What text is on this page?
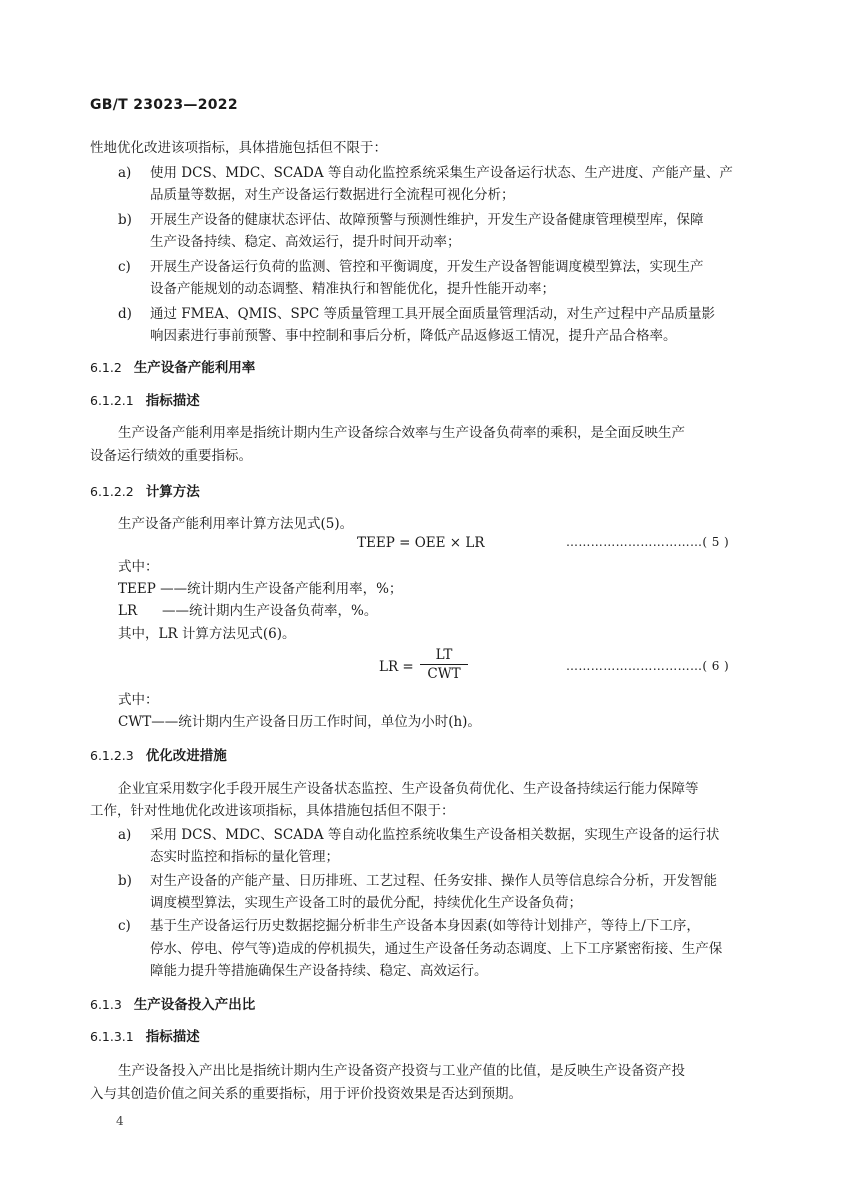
GB/T 23023—2022
性地优化改进该项指标，具体措施包括但不限于：
a) 使用 DCS、MDC、SCADA 等自动化监控系统采集生产设备运行状态、生产进度、产能产量、产
品质量等数据，对生产设备运行数据进行全流程可视化分析；
b) 开展生产设备的健康状态评估、故障预警与预测性维护，开发生产设备健康管理模型库，保障
生产设备持续、稳定、高效运行，提升时间开动率；
c) 开展生产设备运行负荷的监测、管控和平衡调度，开发生产设备智能调度模型算法，实现生产
设备产能规划的动态调整、精准执行和智能优化，提升性能开动率；
d) 通过 FMEA、QMIS、SPC 等质量管理工具开展全面质量管理活动，对生产过程中产品质量影
响因素进行事前预警、事中控制和事后分析，降低产品返修返工情况，提升产品合格率。
6.1.2 生产设备产能利用率
6.1.2.1 指标描述
生产设备产能利用率是指统计期内生产设备综合效率与生产设备负荷率的乘积，是全面反映生产
设备运行绩效的重要指标。
6.1.2.2 计算方法
生产设备产能利用率计算方法见式(5)。
TEEP = OEE × LR	……………………………( 5 )
式中：
TEEP ——统计期内生产设备产能利用率，%；
LR ——统计期内生产设备负荷率，%。
其中，LR 计算方法见式(6)。
LR =
LT
CWT	……………………………( 6 )
式中：
CWT——统计期内生产设备日历工作时间，单位为小时(h)。
6.1.2.3 优化改进措施
企业宜采用数字化手段开展生产设备状态监控、生产设备负荷优化、生产设备持续运行能力保障等
工作，针对性地优化改进该项指标，具体措施包括但不限于：
a) 采用 DCS、MDC、SCADA 等自动化监控系统收集生产设备相关数据，实现生产设备的运行状
态实时监控和指标的量化管理；
b) 对生产设备的产能产量、日历排班、工艺过程、任务安排、操作人员等信息综合分析，开发智能
调度模型算法，实现生产设备工时的最优分配，持续优化生产设备负荷；
c) 基于生产设备运行历史数据挖掘分析非生产设备本身因素(如等待计划排产，等待上/下工序，
停水、停电、停气等)造成的停机损失，通过生产设备任务动态调度、上下工序紧密衔接、生产保
障能力提升等措施确保生产设备持续、稳定、高效运行。
6.1.3 生产设备投入产出比
6.1.3.1 指标描述
生产设备投入产出比是指统计期内生产设备资产投资与工业产值的比值，是反映生产设备资产投
入与其创造价值之间关系的重要指标，用于评价投资效果是否达到预期。
4
